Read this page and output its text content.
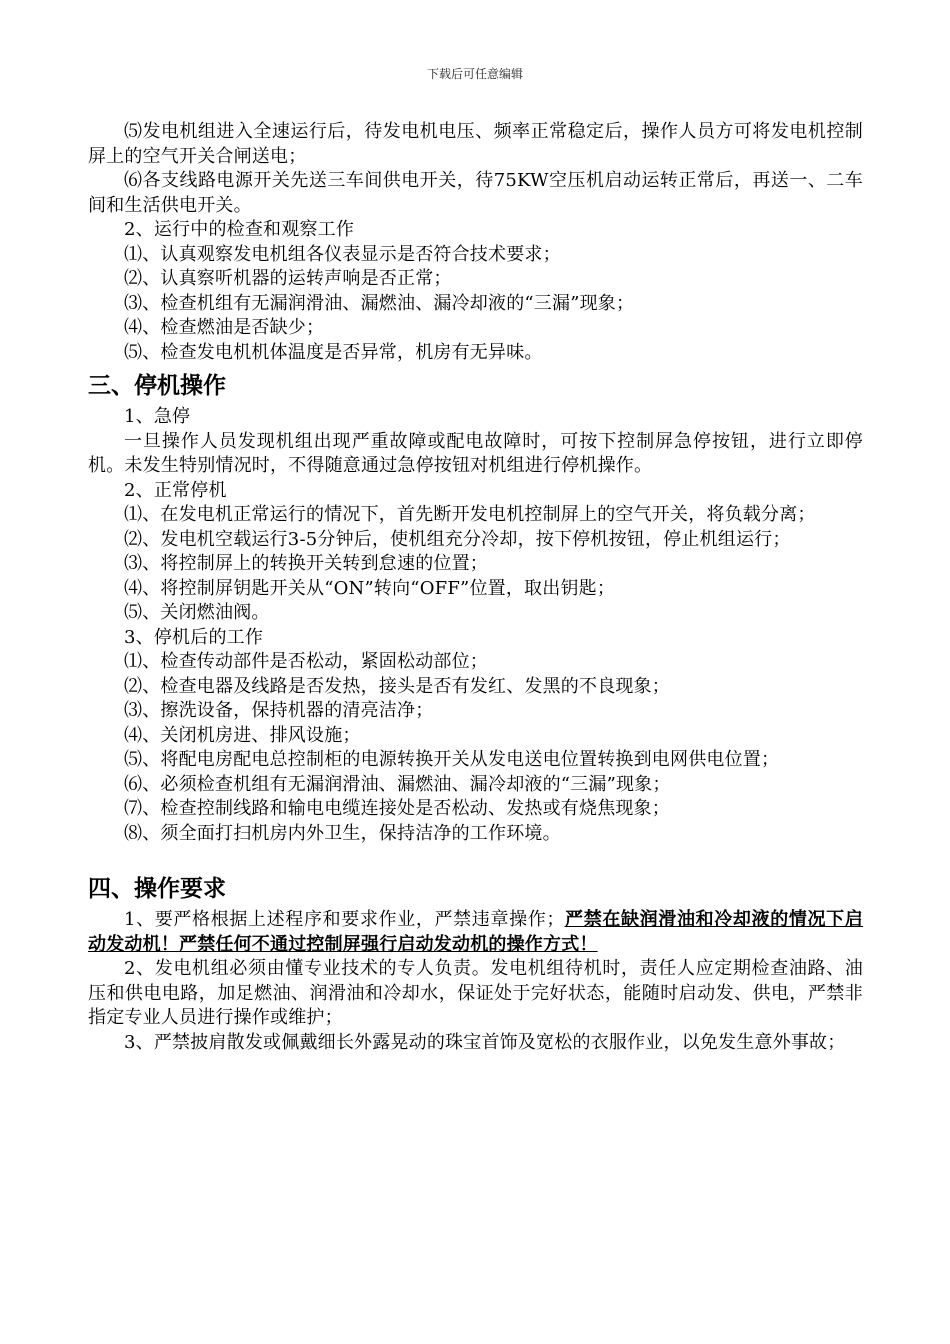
下载后可任意编辑

⑸发电机组进入全速运行后，待发电机电压、频率正常稳定后，操作人员方可将发电机控制屏上的空气开关合闸送电；

⑹各支线路电源开关先送三车间供电开关，待75KW空压机启动运转正常后，再送一、二车间和生活供电开关。

2、运行中的检查和观察工作

⑴、认真观察发电机组各仪表显示是否符合技术要求；

⑵、认真察听机器的运转声响是否正常；

⑶、检查机组有无漏润滑油、漏燃油、漏冷却液的“三漏”现象；

⑷、检查燃油是否缺少；

⑸、检查发电机机体温度是否异常，机房有无异味。

三、停机操作

1、急停

一旦操作人员发现机组出现严重故障或配电故障时，可按下控制屏急停按钮，进行立即停机。未发生特别情况时，不得随意通过急停按钮对机组进行停机操作。

2、正常停机

⑴、在发电机正常运行的情况下，首先断开发电机控制屏上的空气开关，将负载分离；

⑵、发电机空载运行3-5分钟后，使机组充分冷却，按下停机按钮，停止机组运行；

⑶、将控制屏上的转换开关转到怠速的位置；

⑷、将控制屏钥匙开关从“ON”转向“OFF”位置，取出钥匙；

⑸、关闭燃油阀。

3、停机后的工作

⑴、检查传动部件是否松动，紧固松动部位；

⑵、检查电器及线路是否发热，接头是否有发红、发黑的不良现象；

⑶、擦洗设备，保持机器的清亮洁净；

⑷、关闭机房进、排风设施；

⑸、将配电房配电总控制柜的电源转换开关从发电送电位置转换到电网供电位置；

⑹、必须检查机组有无漏润滑油、漏燃油、漏冷却液的“三漏”现象；

⑺、检查控制线路和输电电缆连接处是否松动、发热或有烧焦现象；

⑻、须全面打扫机房内外卫生，保持洁净的工作环境。

四、操作要求

1、要严格根据上述程序和要求作业，严禁违章操作；严禁在缺润滑油和冷却液的情况下启动发动机！严禁任何不通过控制屏强行启动发动机的操作方式！

2、发电机组必须由懂专业技术的专人负责。发电机组待机时，责任人应定期检查油路、油压和供电电路，加足燃油、润滑油和冷却水，保证处于完好状态，能随时启动发、供电，严禁非指定专业人员进行操作或维护；

3、严禁披肩散发或佩戴细长外露晃动的珠宝首饰及宽松的衣服作业，以免发生意外事故；
